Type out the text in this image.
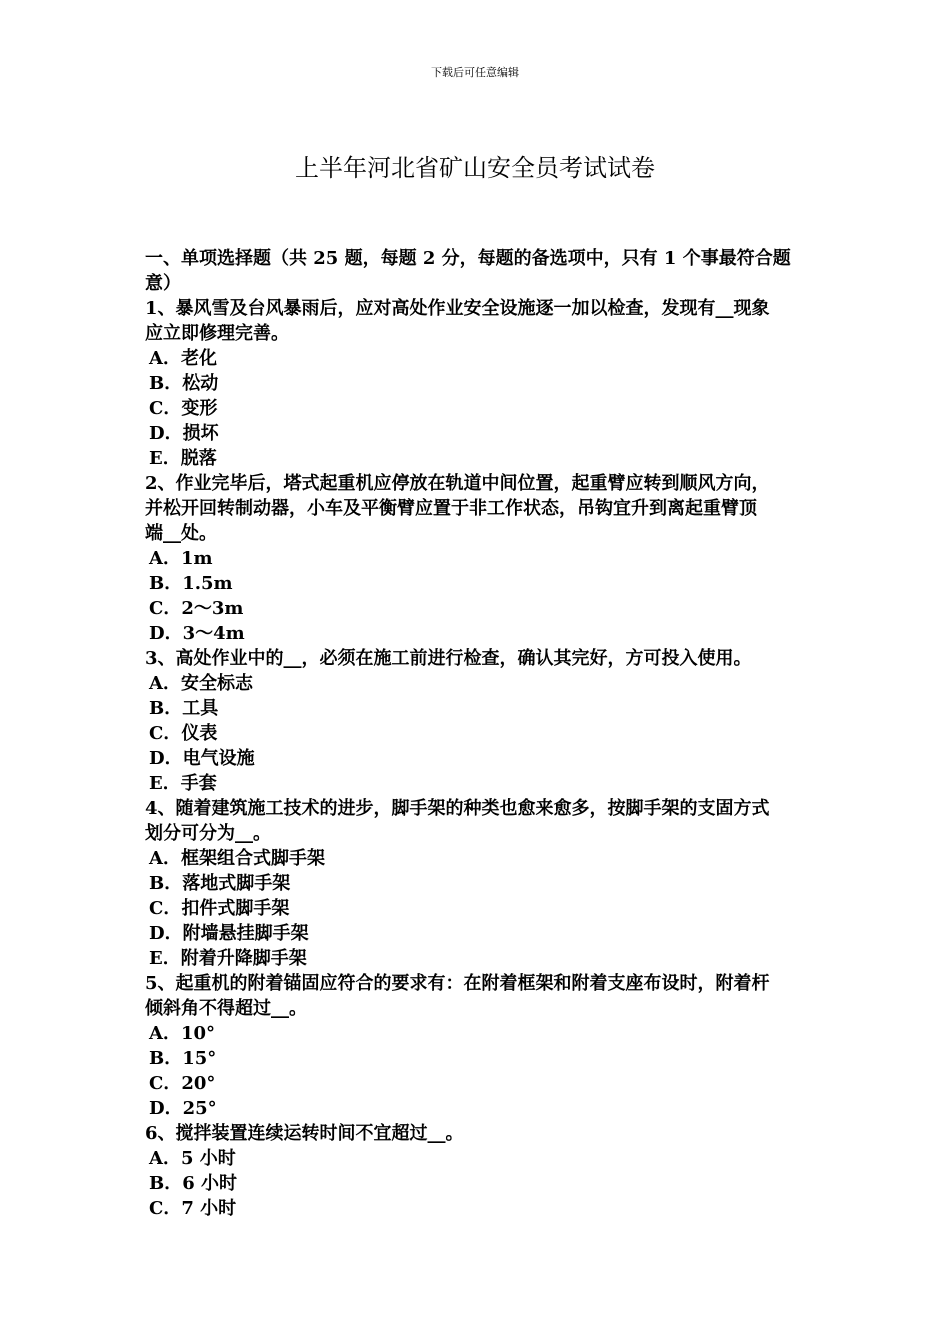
下载后可任意编辑
上半年河北省矿山安全员考试试卷
一、单项选择题（共 25 题，每题 2 分，每题的备选项中，只有 1 个事最符合题
意）
1、暴风雪及台风暴雨后，应对高处作业安全设施逐一加以检查，发现有__现象
应立即修理完善。
A．老化
B．松动
C．变形
D．损坏
E．脱落
2、作业完毕后，塔式起重机应停放在轨道中间位置，起重臂应转到顺风方向，
并松开回转制动器，小车及平衡臂应置于非工作状态，吊钩宜升到离起重臂顶
端__处。
A．1m
B．1.5m
C．2～3m
D．3～4m
3、高处作业中的__，必须在施工前进行检查，确认其完好，方可投入使用。
A．安全标志
B．工具
C．仪表
D．电气设施
E．手套
4、随着建筑施工技术的进步，脚手架的种类也愈来愈多，按脚手架的支固方式
划分可分为__。
A．框架组合式脚手架
B．落地式脚手架
C．扣件式脚手架
D．附墙悬挂脚手架
E．附着升降脚手架
5、起重机的附着锚固应符合的要求有：在附着框架和附着支座布设时，附着杆
倾斜角不得超过__。
A．10°
B．15°
C．20°
D．25°
6、搅拌装置连续运转时间不宜超过__。
A．5 小时
B．6 小时
C．7 小时
